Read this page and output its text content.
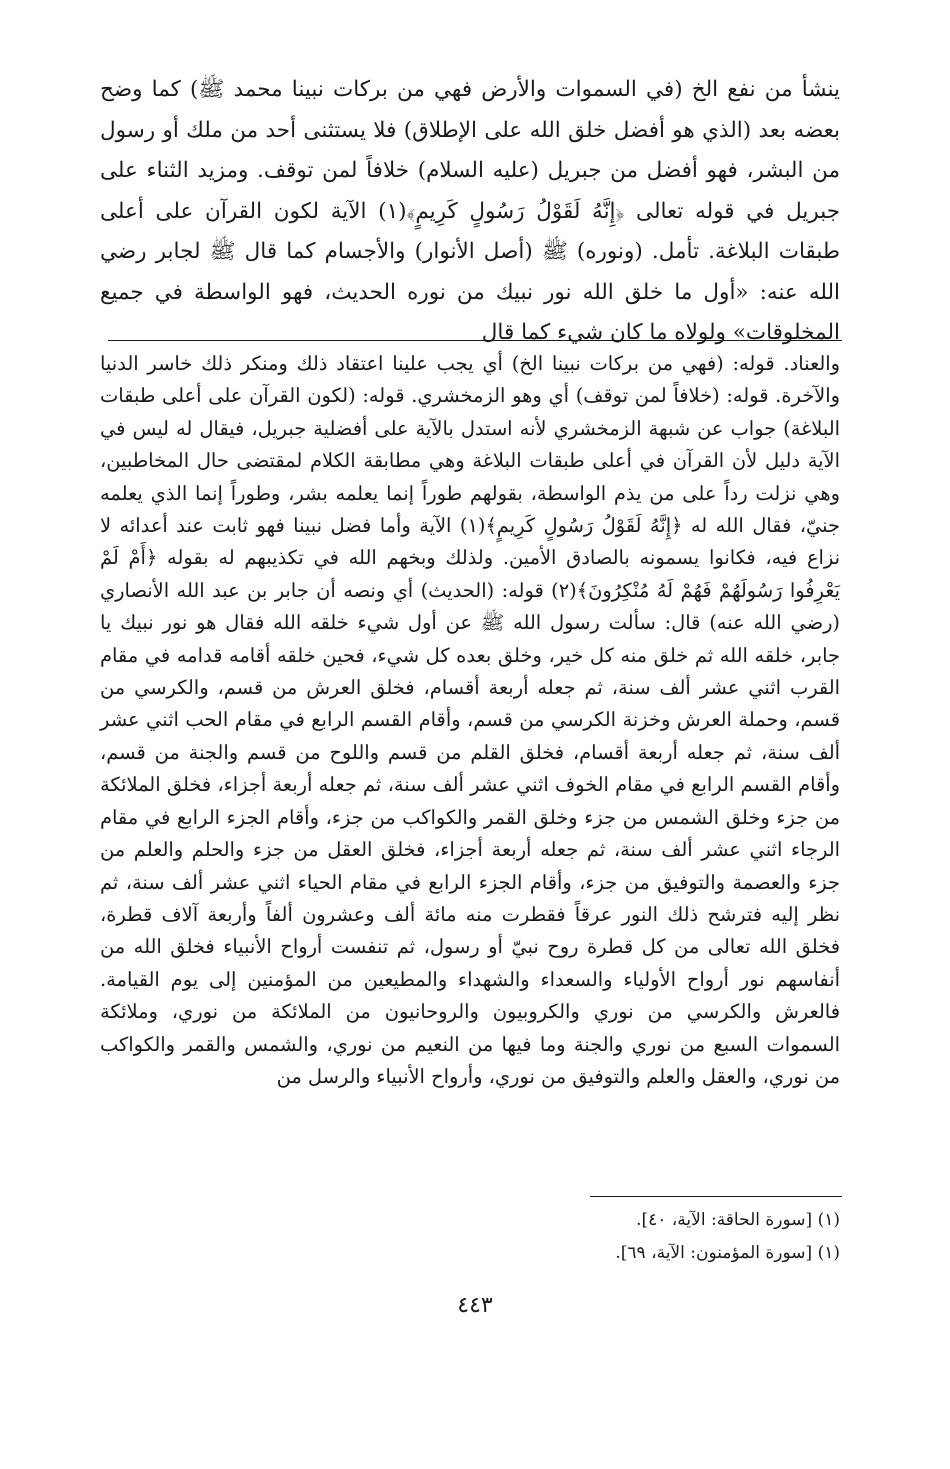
ينشأ من نفع الخ (في السموات والأرض فهي من بركات نبينا محمد ﷺ) كما وضح بعضه بعد (الذي هو أفضل خلق الله على الإطلاق) فلا يستثنى أحد من ملك أو رسول من البشر، فهو أفضل من جبريل (عليه السلام) خلافاً لمن توقف. ومزيد الثناء على جبريل في قوله تعالى ﴿إِنَّهُ لَقَوْلُ رَسُولٍ كَرِيمٍ﴾(١) الآية لكون القرآن على أعلى طبقات البلاغة. تأمل. (ونوره) ﷺ (أصل الأنوار) والأجسام كما قال ﷺ لجابر رضي الله عنه: «أول ما خلق الله نور نبيك من نوره الحديث، فهو الواسطة في جميع المخلوقات» ولولاه ما كان شيء كما قال

والعناد. قوله: (فهي من بركات نبينا الخ) أي يجب علينا اعتقاد ذلك ومنكر ذلك خاسر الدنيا والآخرة. قوله: (خلافاً لمن توقف) أي وهو الزمخشري. قوله: (لكون القرآن على أعلى طبقات البلاغة) جواب عن شبهة الزمخشري لأنه استدل بالآية على أفضلية جبريل، فيقال له ليس في الآية دليل لأن القرآن في أعلى طبقات البلاغة وهي مطابقة الكلام لمقتضى حال المخاطبين، وهي نزلت رداً على من يذم الواسطة، بقولهم طوراً إنما يعلمه بشر، وطوراً إنما الذي يعلمه جنيّ، فقال الله له ﴿إِنَّهُ لَقَوْلُ رَسُولٍ كَرِيمٍ﴾(١) الآية وأما فضل نبينا فهو ثابت عند أعدائه لا نزاع فيه، فكانوا يسمونه بالصادق الأمين. ولذلك وبخهم الله في تكذيبهم له بقوله ﴿أَمْ لَمْ يَعْرِفُوا رَسُولَهُمْ فَهُمْ لَهُ مُنْكِرُونَ﴾(٢) قوله: (الحديث) أي ونصه أن جابر بن عبد الله الأنصاري (رضي الله عنه) قال: سألت رسول الله ﷺ عن أول شيء خلقه الله فقال هو نور نبيك يا جابر، خلقه الله ثم خلق منه كل خير، وخلق بعده كل شيء، فحين خلقه أقامه قدامه في مقام القرب اثني عشر ألف سنة، ثم جعله أربعة أقسام، فخلق العرش من قسم، والكرسي من قسم، وحملة العرش وخزنة الكرسي من قسم، وأقام القسم الرابع في مقام الحب اثني عشر ألف سنة، ثم جعله أربعة أقسام، فخلق القلم من قسم واللوح من قسم والجنة من قسم، وأقام القسم الرابع في مقام الخوف اثني عشر ألف سنة، ثم جعله أربعة أجزاء، فخلق الملائكة من جزء وخلق الشمس من جزء وخلق القمر والكواكب من جزء، وأقام الجزء الرابع في مقام الرجاء اثني عشر ألف سنة، ثم جعله أربعة أجزاء، فخلق العقل من جزء والحلم والعلم من جزء والعصمة والتوفيق من جزء، وأقام الجزء الرابع في مقام الحياء اثني عشر ألف سنة، ثم نظر إليه فترشح ذلك النور عرقاً فقطرت منه مائة ألف وعشرون ألفاً وأربعة آلاف قطرة، فخلق الله تعالى من كل قطرة روح نبيّ أو رسول، ثم تنفست أرواح الأنبياء فخلق الله من أنفاسهم نور أرواح الأولياء والسعداء والشهداء والمطيعين من المؤمنين إلى يوم القيامة. فالعرش والكرسي من نوري والكروبيون والروحانيون من الملائكة من نوري، وملائكة السموات السبع من نوري والجنة وما فيها من النعيم من نوري، والشمس والقمر والكواكب من نوري، والعقل والعلم والتوفيق من نوري، وأرواح الأنبياء والرسل من

(١) [سورة الحاقة: الآية، ٤٠].
(١) [سورة المؤمنون: الآية، ٦٩].
٤٤٣
